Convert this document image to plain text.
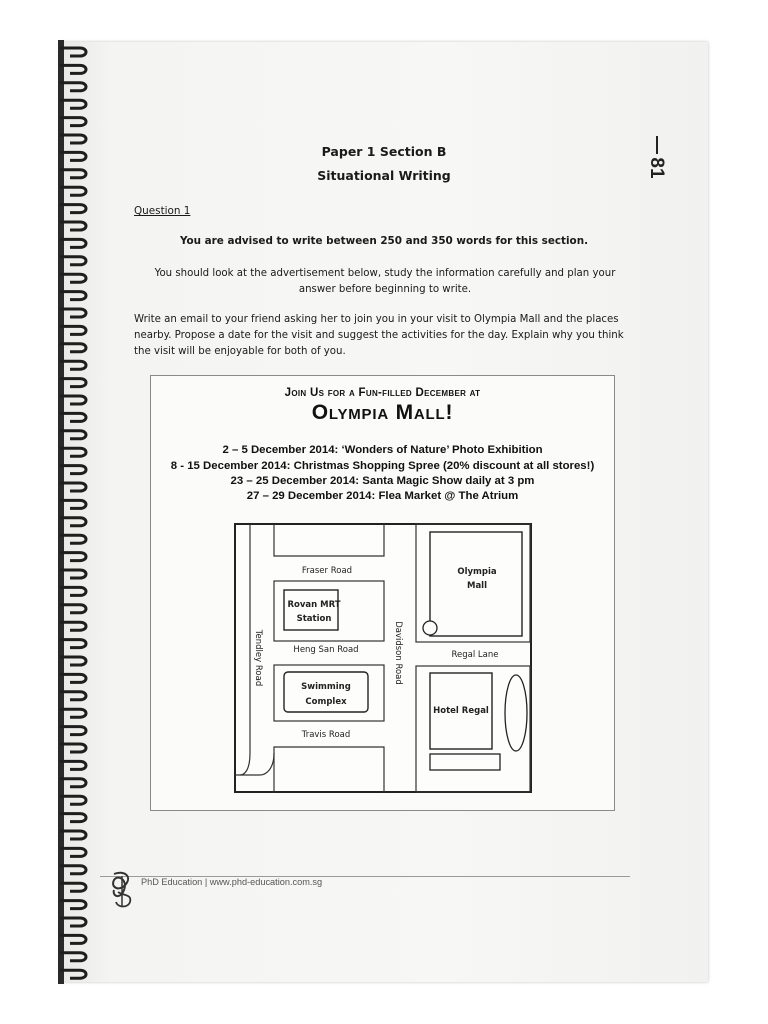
81
Paper 1 Section B
Situational Writing
Question 1
You are advised to write between 250 and 350 words for this section.
You should look at the advertisement below, study the information carefully and plan your answer before beginning to write.
Write an email to your friend asking her to join you in your visit to Olympia Mall and the places nearby. Propose a date for the visit and suggest the activities for the day. Explain why you think the visit will be enjoyable for both of you.
Join Us for a Fun-filled December at
Olympia Mall!
2 – 5 December 2014: ‘Wonders of Nature’ Photo Exhibition
8 - 15 December 2014: Christmas Shopping Spree (20% discount at all stores!)
23 – 25 December 2014: Santa Magic Show daily at 3 pm
27 – 29 December 2014: Flea Market @ The Atrium
Fraser Road
Rovan MRT
Station
Heng San Road
Swimming
Complex
Travis Road
Olympia
Mall
Regal Lane
Hotel Regal
Tendley Road	Davidson Road
PhD Education | www.phd-education.com.sg
